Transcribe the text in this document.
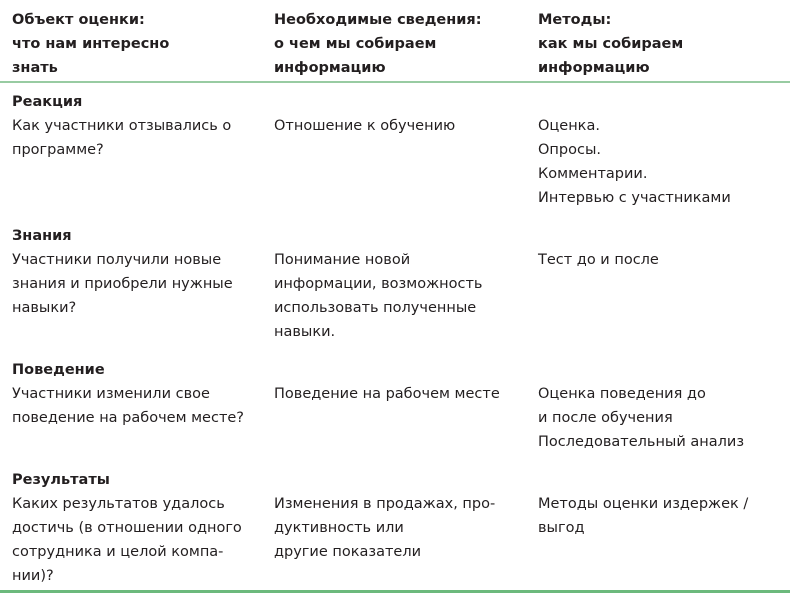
Объект оценки:
что нам интересно
знать
Необходимые сведения:
о чем мы собираем
информацию
Методы:
как мы собираем
информацию
Реакция
Как участники отзывались о
программе?
Отношение к обучению	Оценка.
Опросы.
Комментарии.
Интервью с участниками
Знания
Участники получили новые
знания и приобрели нужные
навыки?
Понимание новой
информации, возможность
использовать полученные
навыки.
Тест до и после
Поведение
Участники изменили свое
поведение на рабочем месте?
Поведение на рабочем месте	Оценка поведения до
и после обучения
Последовательный анализ
Результаты
Каких результатов удалось
достичь (в отношении одного
сотрудника и целой компа-
нии)?
Изменения в продажах, про-
дуктивность или
другие показатели
Методы оценки издержек /
выгод
